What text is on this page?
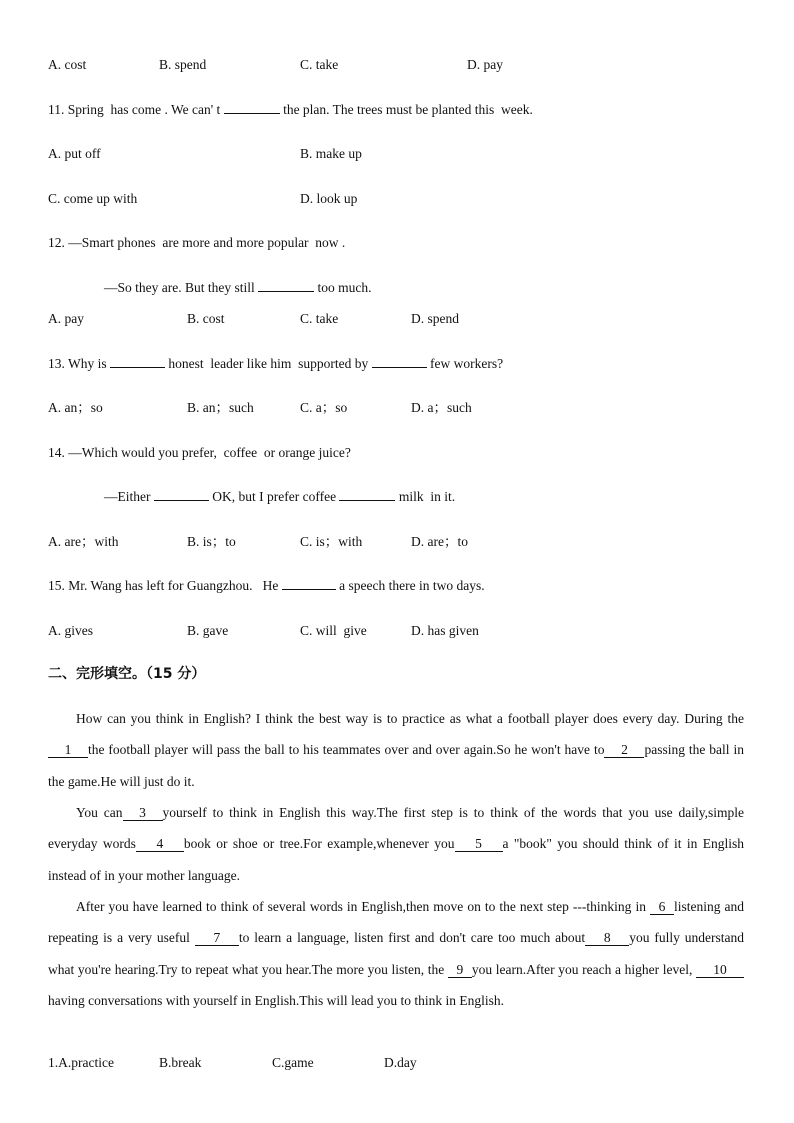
A. cost	B. spend	C. take	D. pay
11. Spring  has come . We can' t	the plan. The trees must be planted this  week.
A. put off	B. make up
C. come up with	D. look up
12. —Smart phones  are more and more popular  now .
—So they are. But they still	too much.
A. pay	B. cost	C. take	D. spend
13. Why is	honest  leader like him  supported by	few workers?
A. an；so	B. an；such	C. a；so	D. a；such
14. —Which would you prefer,  coffee  or orange juice?
—Either	OK, but I prefer coffee	milk  in it.
A. are；with	B. is；to	C. is；with	D. are；to
15. Mr. Wang has left for Guangzhou.   He	a speech there in two days.
A. gives	B. gave	C. will  give	D. has given
二、完形填空。（15 分）
How can you think in English? I think the best way is to practice as what a football player does every day. During the1 the football player will pass the ball to his teammates over and over again.So he won't have to 2 passing the ball in the game.He will just do it.
You can 3 yourself to think in English this way.The first step is to think of the words that you use daily,simple everyday words 4 book or shoe or tree.For example,whenever you 5 a "book" you should think of it in English instead of in your mother language.
After you have learned to think of several words in English,then move on to the next step ---thinking in 6 listening and repeating is a very useful 7 to learn a language, listen first and don't care too much about 8 you fully understand what you're hearing.Try to repeat what you hear.The more you listen, the 9 you learn.After you reach a higher level, 10having conversations with yourself in English.This will lead you to think in English.
1.A.practice	B.break	C.game	D.day
